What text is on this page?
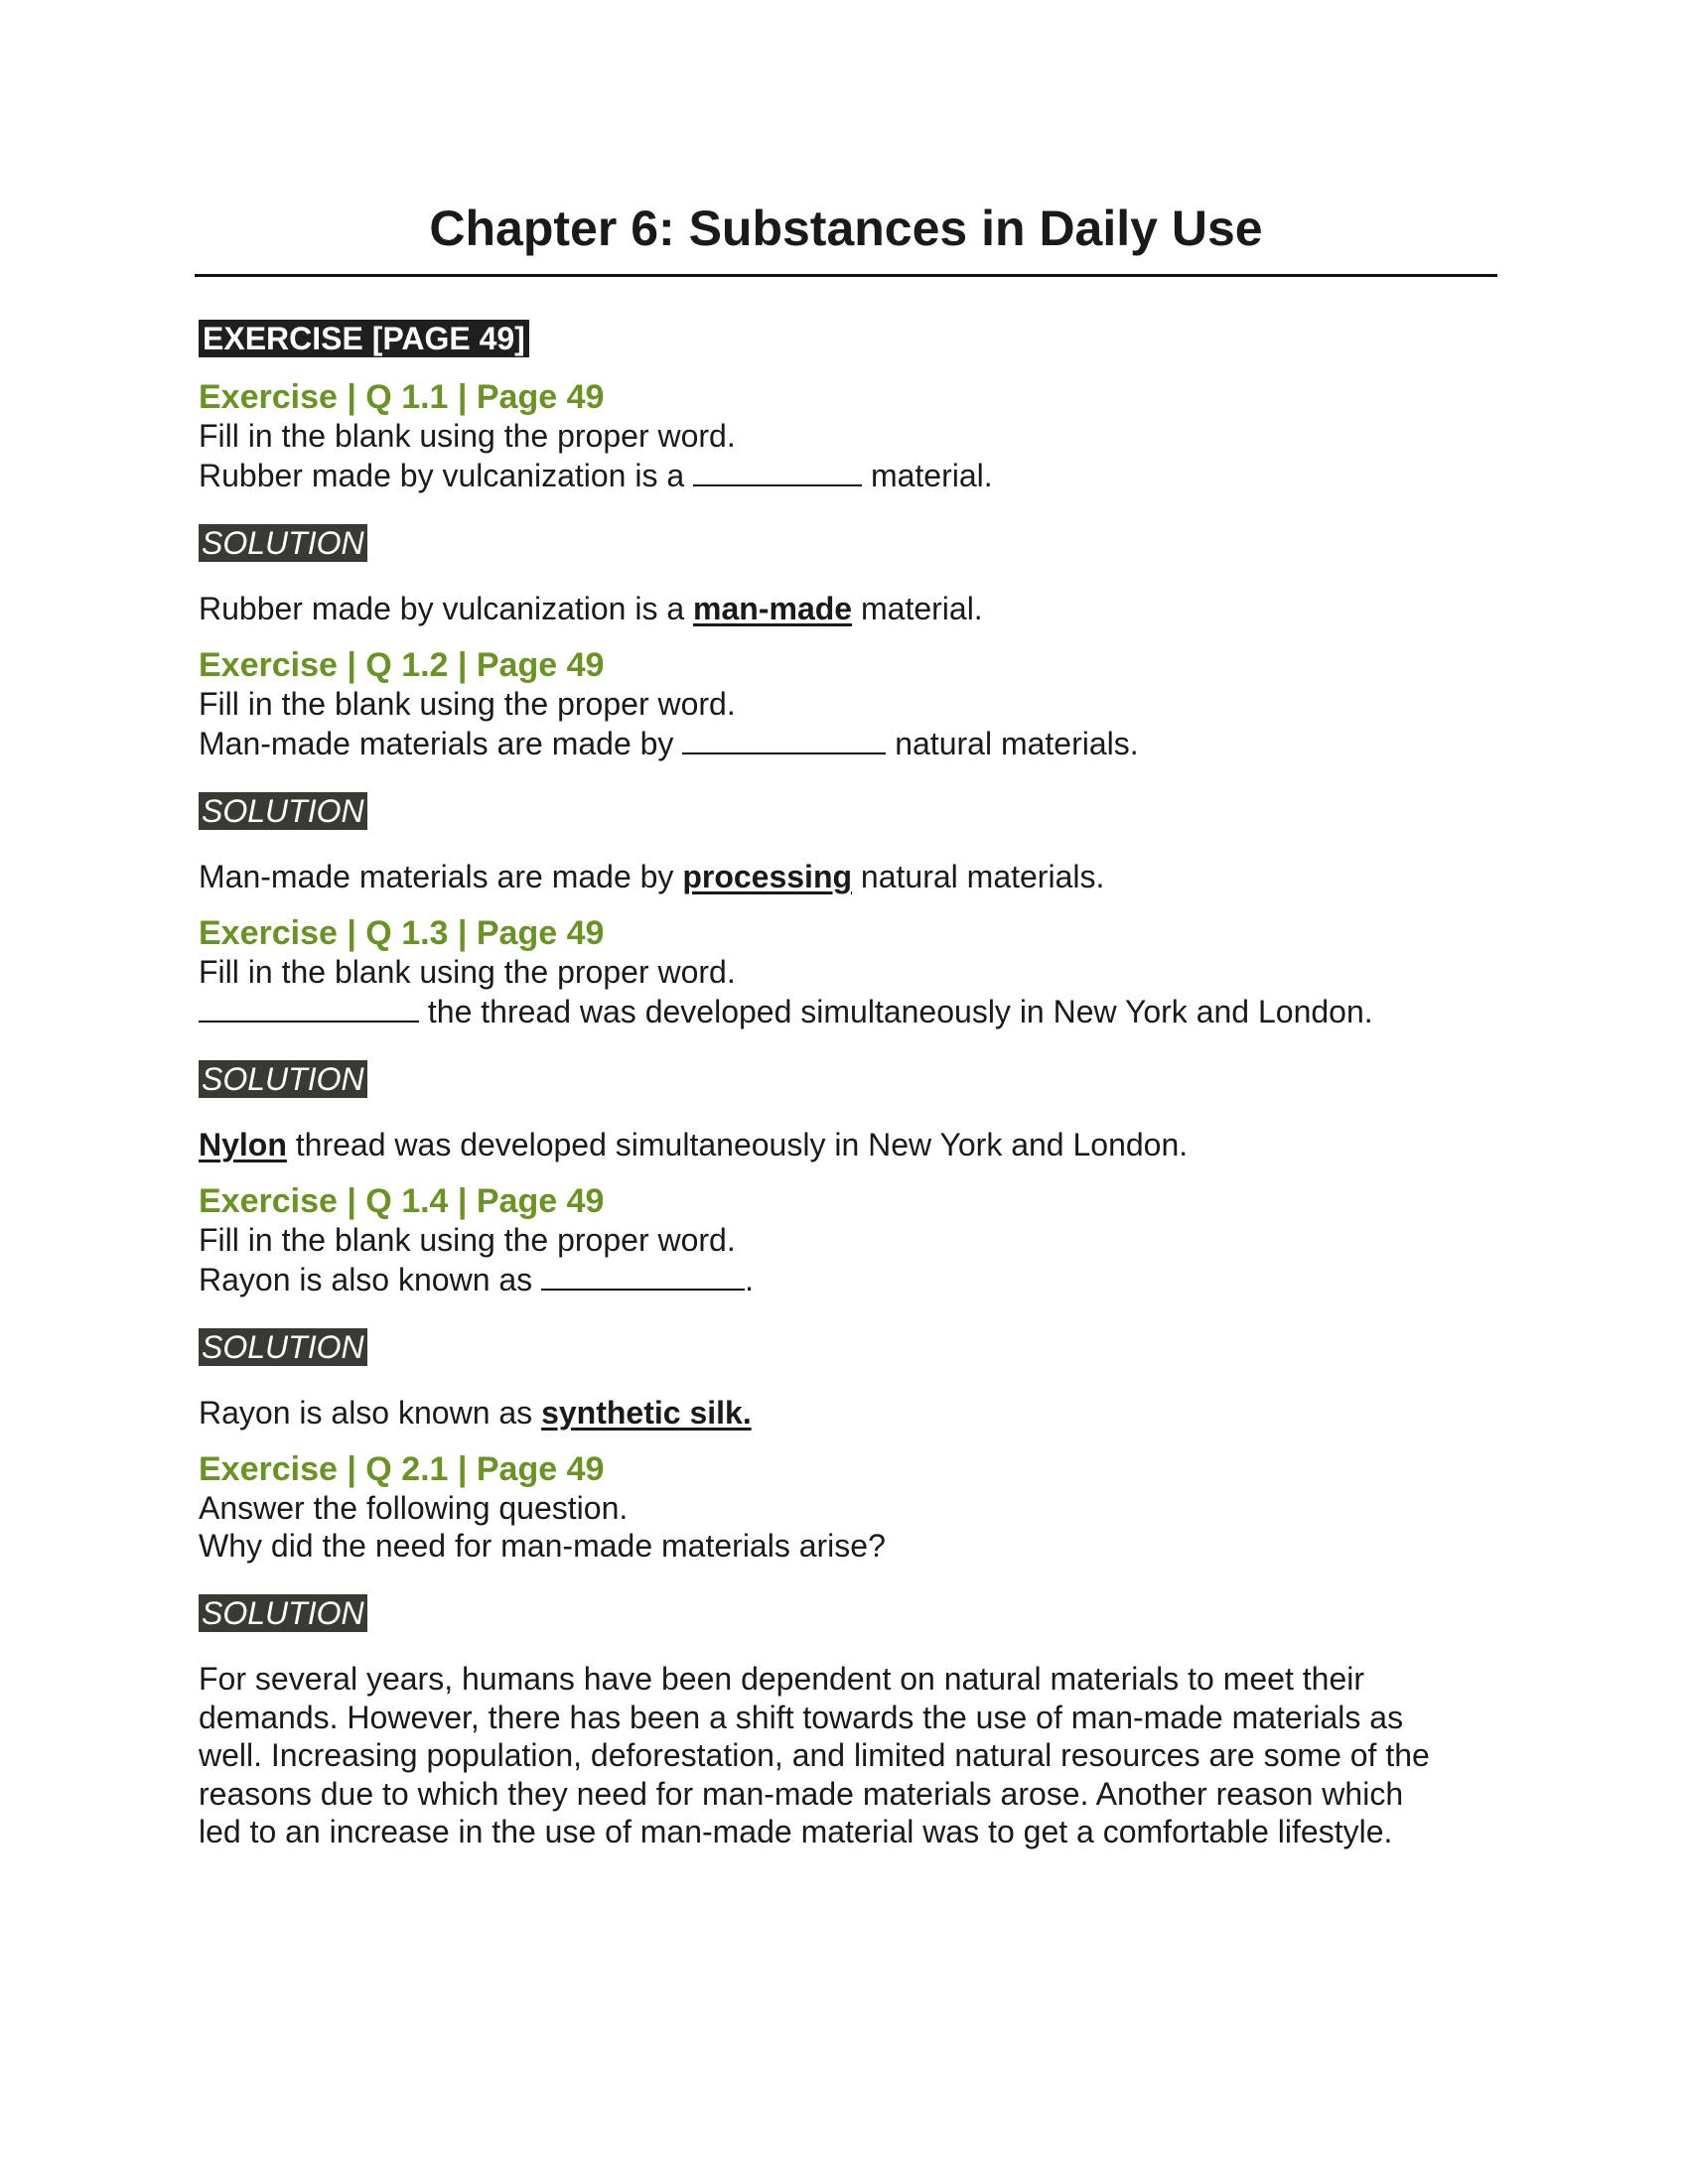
Chapter 6: Substances in Daily Use
EXERCISE [PAGE 49]

Exercise | Q 1.1 | Page 49

Fill in the blank using the proper word.

Rubber made by vulcanization is a	material.

SOLUTION

Rubber made by vulcanization is a man-made material.

Exercise | Q 1.2 | Page 49

Fill in the blank using the proper word.

Man-made materials are made by	natural materials.

SOLUTION

Man-made materials are made by processing natural materials.

Exercise | Q 1.3 | Page 49

Fill in the blank using the proper word.

the thread was developed simultaneously in New York and London.

SOLUTION

Nylon thread was developed simultaneously in New York and London.

Exercise | Q 1.4 | Page 49

Fill in the blank using the proper word.

Rayon is also known as	.

SOLUTION

Rayon is also known as synthetic silk.

Exercise | Q 2.1 | Page 49

Answer the following question.

Why did the need for man-made materials arise?

SOLUTION

For several years, humans have been dependent on natural materials to meet their

demands. However, there has been a shift towards the use of man-made materials as

well. Increasing population, deforestation, and limited natural resources are some of the

reasons due to which they need for man-made materials arose. Another reason which

led to an increase in the use of man-made material was to get a comfortable lifestyle.
